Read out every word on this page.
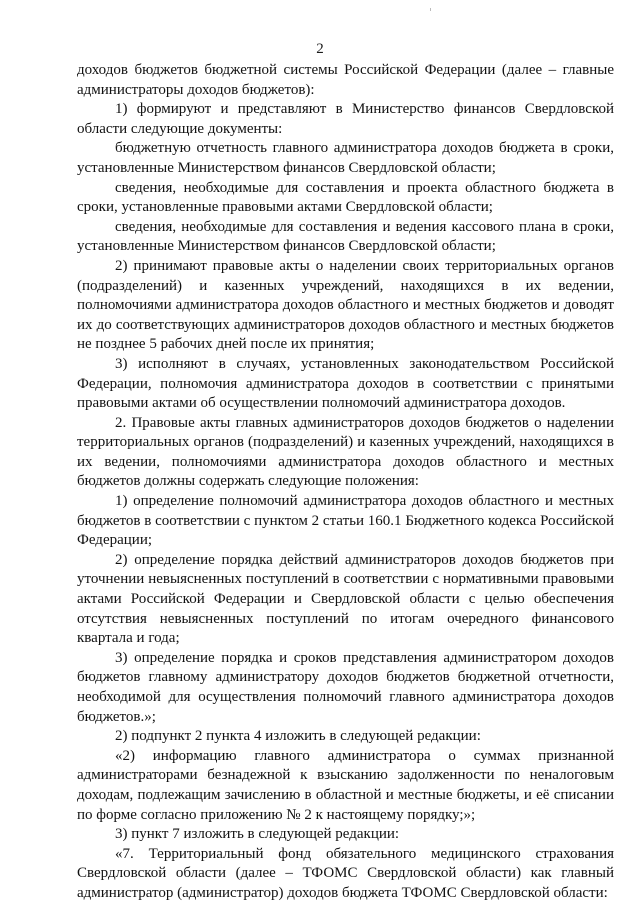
2

доходов бюджетов бюджетной системы Российской Федерации (далее – главные администраторы доходов бюджетов):

1) формируют и представляют в Министерство финансов Свердловской области следующие документы:

бюджетную отчетность главного администратора доходов бюджета в сроки, установленные Министерством финансов Свердловской области;

сведения, необходимые для составления и проекта областного бюджета в сроки, установленные правовыми актами Свердловской области;

сведения, необходимые для составления и ведения кассового плана в сроки, установленные Министерством финансов Свердловской области;

2) принимают правовые акты о наделении своих территориальных органов (подразделений) и казенных учреждений, находящихся в их ведении, полномочиями администратора доходов областного и местных бюджетов и доводят их до соответствующих администраторов доходов областного и местных бюджетов не позднее 5 рабочих дней после их принятия;

3) исполняют в случаях, установленных законодательством Российской Федерации, полномочия администратора доходов в соответствии с принятыми правовыми актами об осуществлении полномочий администратора доходов.

2. Правовые акты главных администраторов доходов бюджетов о наделении территориальных органов (подразделений) и казенных учреждений, находящихся в их ведении, полномочиями администратора доходов областного и местных бюджетов должны содержать следующие положения:

1) определение полномочий администратора доходов областного и местных бюджетов в соответствии с пунктом 2 статьи 160.1 Бюджетного кодекса Российской Федерации;

2) определение порядка действий администраторов доходов бюджетов при уточнении невыясненных поступлений в соответствии с нормативными правовыми актами Российской Федерации и Свердловской области с целью обеспечения отсутствия невыясненных поступлений по итогам очередного финансового квартала и года;

3) определение порядка и сроков представления администратором доходов бюджетов главному администратору доходов бюджетов бюджетной отчетности, необходимой для осуществления полномочий главного администратора доходов бюджетов.»;

2) подпункт 2 пункта 4 изложить в следующей редакции:

«2) информацию главного администратора о суммах признанной администраторами безнадежной к взысканию задолженности по неналоговым доходам, подлежащим зачислению в областной и местные бюджеты, и её списании по форме согласно приложению № 2 к настоящему порядку;»;

3) пункт 7 изложить в следующей редакции:

«7. Территориальный фонд обязательного медицинского страхования Свердловской области (далее – ТФОМС Свердловской области) как главный администратор (администратор) доходов бюджета ТФОМС Свердловской области:
